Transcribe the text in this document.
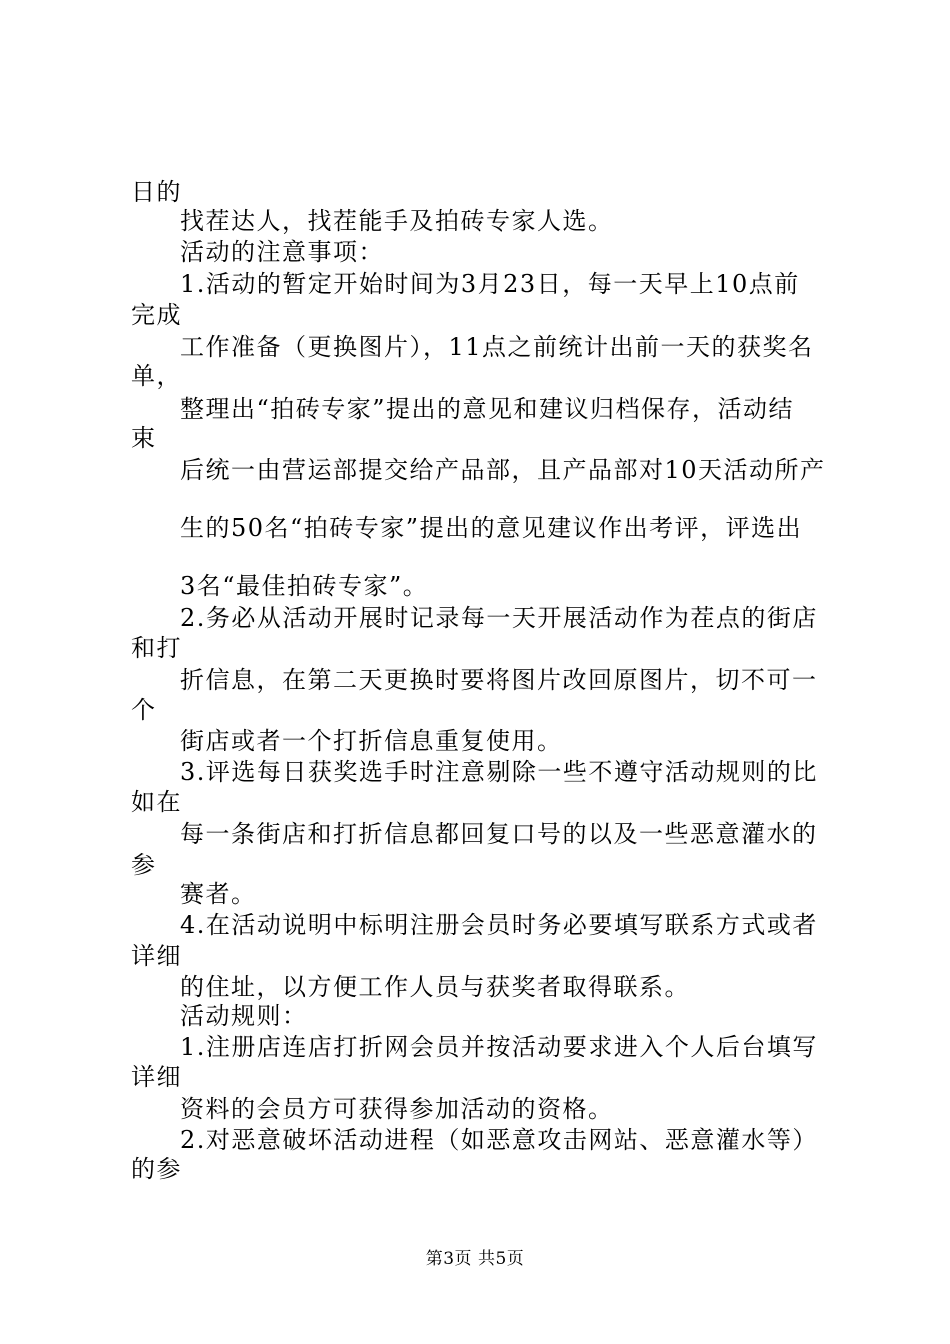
日的
找茬达人，找茬能手及拍砖专家人选。
活动的注意事项：
1.活动的暂定开始时间为3月23日，每一天早上10点前
完成
工作准备（更换图片），11点之前统计出前一天的获奖名
单，
整理出“拍砖专家”提出的意见和建议归档保存，活动结
束
后统一由营运部提交给产品部，且产品部对10天活动所产
生的50名“拍砖专家”提出的意见建议作出考评，评选出
3名“最佳拍砖专家”。
2.务必从活动开展时记录每一天开展活动作为茬点的街店
和打
折信息，在第二天更换时要将图片改回原图片，切不可一
个
街店或者一个打折信息重复使用。
3.评选每日获奖选手时注意剔除一些不遵守活动规则的比
如在
每一条街店和打折信息都回复口号的以及一些恶意灌水的
参
赛者。
4.在活动说明中标明注册会员时务必要填写联系方式或者
详细
的住址，以方便工作人员与获奖者取得联系。
活动规则：
1.注册店连店打折网会员并按活动要求进入个人后台填写
详细
资料的会员方可获得参加活动的资格。
2.对恶意破坏活动进程（如恶意攻击网站、恶意灌水等）
的参
第3页 共5页
